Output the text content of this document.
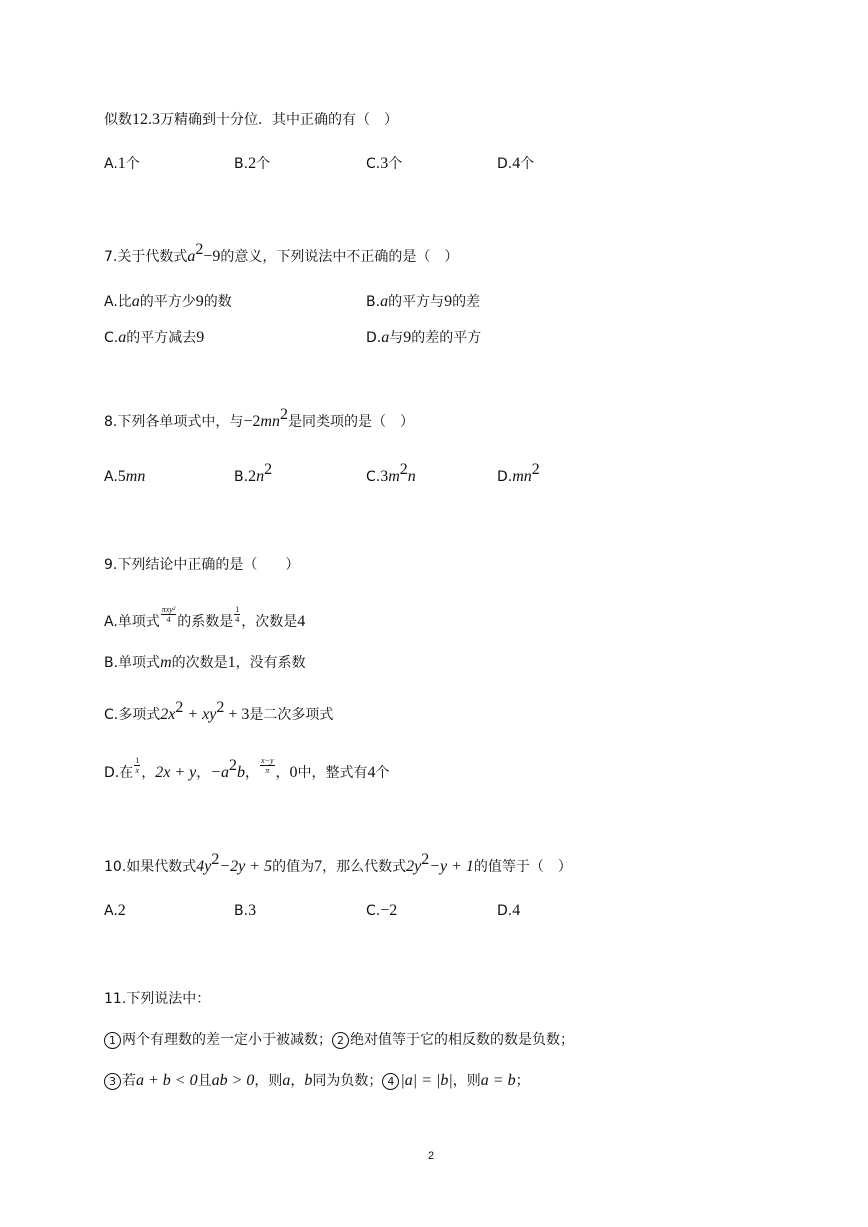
似数12.3万精确到十分位．其中正确的有（　）
A.1个	B.2个	C.3个	D.4个
7.关于代数式$a^2-9$的意义，下列说法中不正确的是（　）
A.比a的平方少9的数	B.a的平方与9的差
C.a的平方减去9	D.a与9的差的平方
8.下列各单项式中，与$-2mn^2$是同类项的是（　）
A.5mn	$B.2n^2$	$C.3m^2n$	$D.mn^2$
9.下列结论中正确的是（　　）
A.单项式 $\frac{\text{πxy²}}{4}$ 的系数是 $\frac{1}{4}$ ，次数是4
B.单项式m的次数是1，没有系数
C.多项式$2x^2 + xy^2 + 3$是二次多项式
D.在 $\frac{1}{x}$ ，2x + y，$-a^2b$， $\frac{x-y}{\pi}$ ，0中，整式有4个
10.如果代数式$4y^2-2y + 5$的值为7，那么代数式$2y^2-y + 1$的值等于（　）
A.2	B.3	C.−2	D.4
11.下列说法中：
1 两个有理数的差一定小于被减数； 2 绝对值等于它的相反数的数是负数；
3 若a + b < 0且ab > 0，则a，b同为负数； 4 |a| = |b|，则a = b；
2
